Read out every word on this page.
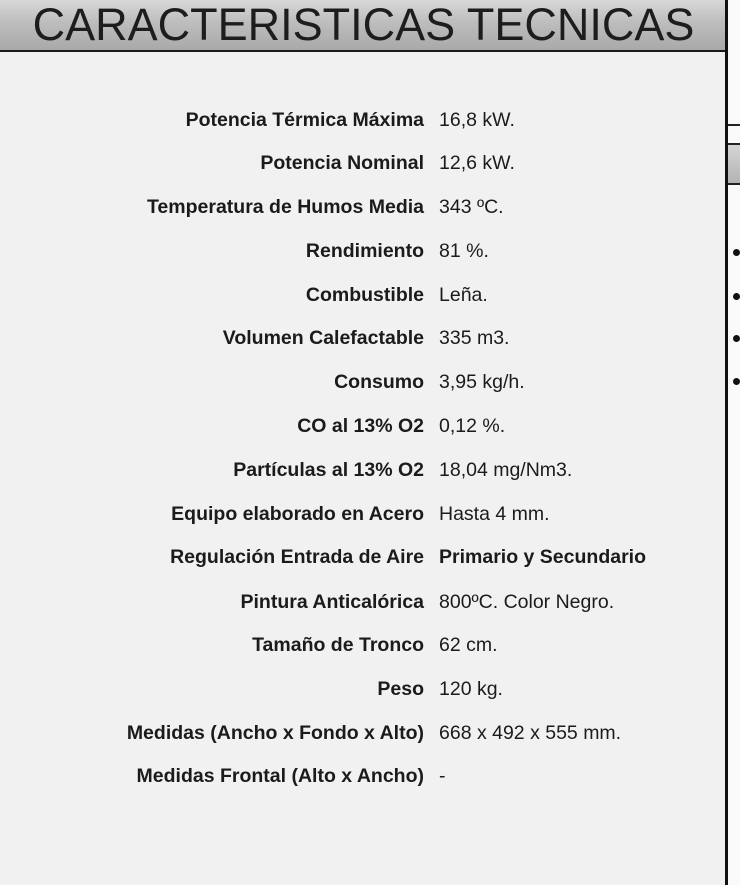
CARACTERISTICAS TECNICAS
Potencia Térmica Máxima 16,8 kW.
Potencia Nominal 12,6 kW.
Temperatura de Humos Media 343 ºC.
Rendimiento 81 %.
Combustible Leña.
Volumen Calefactable 335 m3.
Consumo 3,95 kg/h.
CO al 13% O2 0,12 %.
Partículas al 13% O2 18,04 mg/Nm3.
Equipo elaborado en Acero Hasta 4 mm.
Regulación Entrada de Aire Primario y Secundario
Pintura Anticalórica 800ºC. Color Negro.
Tamaño de Tronco 62 cm.
Peso 120 kg.
Medidas (Ancho x Fondo x Alto) 668 x 492 x 555 mm.
Medidas Frontal (Alto x Ancho) -
